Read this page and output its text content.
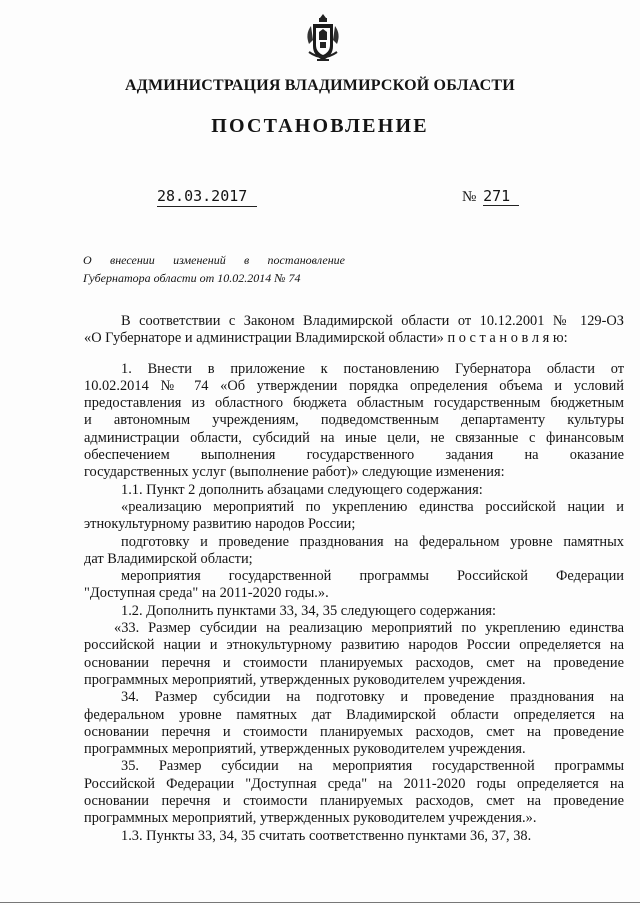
АДМИНИСТРАЦИЯ ВЛАДИМИРСКОЙ ОБЛАСТИ
ПОСТАНОВЛЕНИЕ
28.03.2017	№ 271
О внесении изменений в постановление
Губернатора области от 10.02.2014 № 74

В соответствии с Законом Владимирской области от 10.12.2001 № 129-ОЗ

«О Губернаторе и администрации Владимирской области» п о с т а н о в л я ю:

1. Внести в приложение к постановлению Губернатора области от

10.02.2014 № 74 «Об утверждении порядка определения объема и условий

предоставления из областного бюджета областным государственным бюджетным

и автономным учреждениям, подведомственным департаменту культуры

администрации области, субсидий на иные цели, не связанные с финансовым

обеспечением выполнения государственного задания на оказание

государственных услуг (выполнение работ)» следующие изменения:

1.1. Пункт 2 дополнить абзацами следующего содержания:

«реализацию мероприятий по укреплению единства российской нации и

этнокультурному развитию народов России;

подготовку и проведение празднования на федеральном уровне памятных

дат Владимирской области;

мероприятия государственной программы Российской Федерации

"Доступная среда" на 2011-2020 годы.».

1.2. Дополнить пунктами 33, 34, 35 следующего содержания:

«33. Размер субсидии на реализацию мероприятий по укреплению единства

российской нации и этнокультурному развитию народов России определяется на

основании перечня и стоимости планируемых расходов, смет на проведение

программных мероприятий, утвержденных руководителем учреждения.

34. Размер субсидии на подготовку и проведение празднования на

федеральном уровне памятных дат Владимирской области определяется на

основании перечня и стоимости планируемых расходов, смет на проведение

программных мероприятий, утвержденных руководителем учреждения.

35. Размер субсидии на мероприятия государственной программы

Российской Федерации "Доступная среда" на 2011-2020 годы определяется на

основании перечня и стоимости планируемых расходов, смет на проведение

программных мероприятий, утвержденных руководителем учреждения.».

1.3. Пункты 33, 34, 35 считать соответственно пунктами 36, 37, 38.
